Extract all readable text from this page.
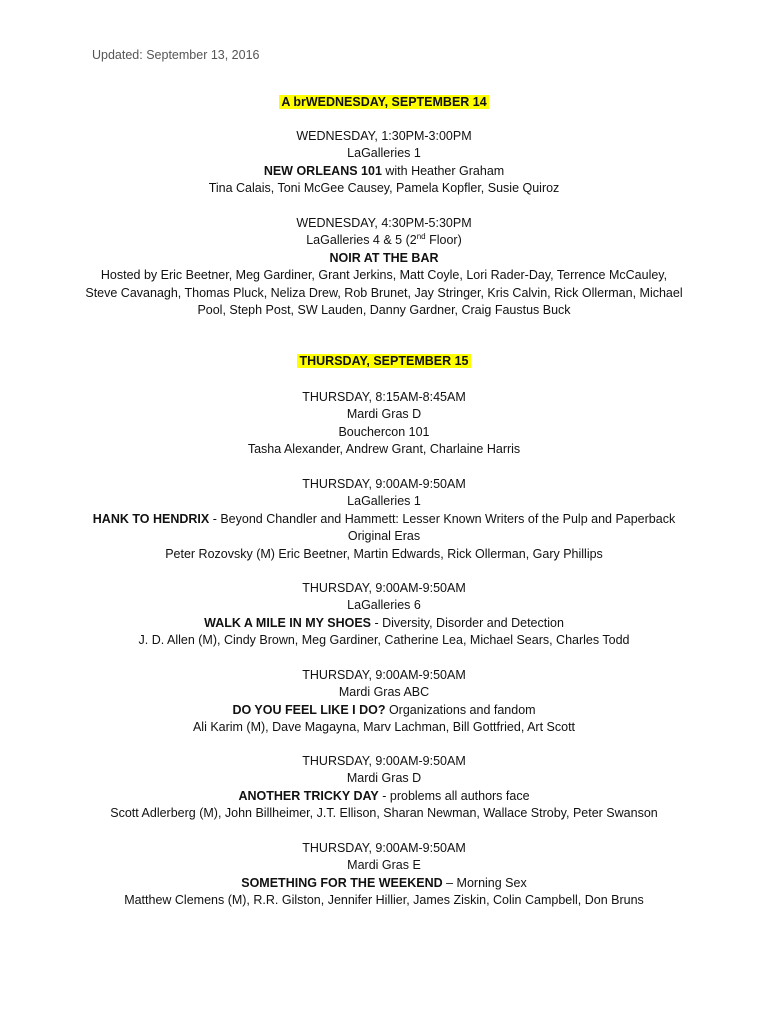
Updated: September 13, 2016
A brWEDNESDAY, SEPTEMBER 14
WEDNESDAY, 1:30PM-3:00PM
LaGalleries 1
NEW ORLEANS 101 with Heather Graham
Tina Calais, Toni McGee Causey, Pamela Kopfler, Susie Quiroz
WEDNESDAY, 4:30PM-5:30PM
LaGalleries 4 & 5 (2nd Floor)
NOIR AT THE BAR
Hosted by Eric Beetner, Meg Gardiner, Grant Jerkins, Matt Coyle, Lori Rader-Day, Terrence McCauley,
Steve Cavanagh, Thomas Pluck, Neliza Drew, Rob Brunet, Jay Stringer, Kris Calvin, Rick Ollerman, Michael
Pool, Steph Post, SW Lauden, Danny Gardner, Craig Faustus Buck
THURSDAY, SEPTEMBER 15
THURSDAY, 8:15AM-8:45AM
Mardi Gras D
Bouchercon 101
Tasha Alexander, Andrew Grant, Charlaine Harris
THURSDAY, 9:00AM-9:50AM
LaGalleries 1
HANK TO HENDRIX - Beyond Chandler and Hammett: Lesser Known Writers of the Pulp and Paperback
Original Eras
Peter Rozovsky (M) Eric Beetner, Martin Edwards, Rick Ollerman, Gary Phillips
THURSDAY, 9:00AM-9:50AM
LaGalleries 6
WALK A MILE IN MY SHOES - Diversity, Disorder and Detection
J. D. Allen (M), Cindy Brown, Meg Gardiner, Catherine Lea, Michael Sears, Charles Todd
THURSDAY, 9:00AM-9:50AM
Mardi Gras ABC
DO YOU FEEL LIKE I DO? Organizations and fandom
Ali Karim (M), Dave Magayna, Marv Lachman, Bill Gottfried, Art Scott
THURSDAY, 9:00AM-9:50AM
Mardi Gras D
ANOTHER TRICKY DAY - problems all authors face
Scott Adlerberg (M), John Billheimer, J.T. Ellison, Sharan Newman, Wallace Stroby, Peter Swanson
THURSDAY, 9:00AM-9:50AM
Mardi Gras E
SOMETHING FOR THE WEEKEND – Morning Sex
Matthew Clemens (M), R.R. Gilston, Jennifer Hillier, James Ziskin, Colin Campbell, Don Bruns
